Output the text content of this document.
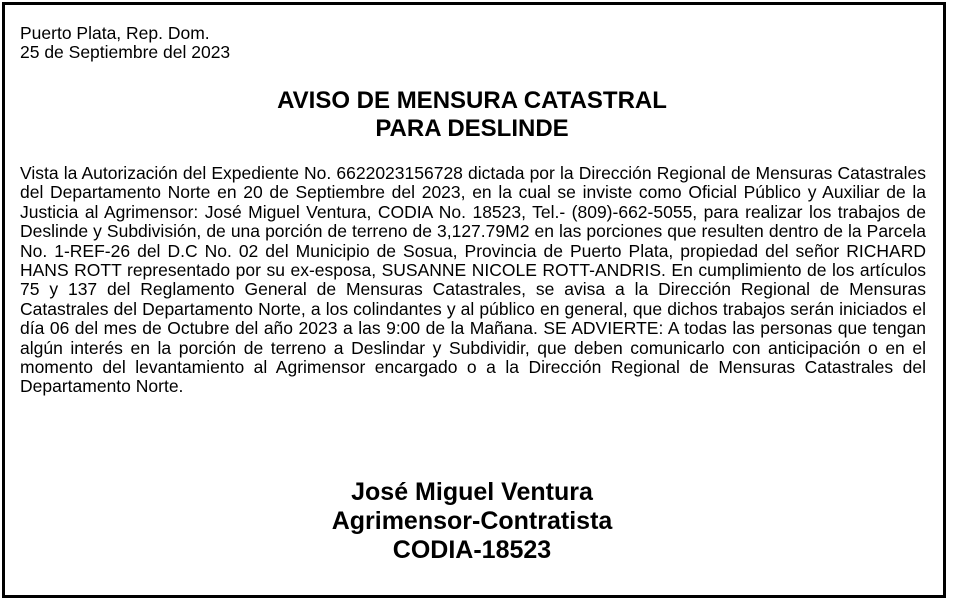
Puerto Plata, Rep. Dom.
25 de Septiembre del 2023
AVISO DE MENSURA CATASTRAL
PARA DESLINDE

Vista la Autorización del Expediente No. 6622023156728 dictada por la Dirección Regional de Mensuras Catastrales del Departamento Norte en 20 de Septiembre del 2023, en la cual se inviste como Oficial Público y Auxiliar de la Justicia al Agrimensor: José Miguel Ventura, CODIA No. 18523, Tel.- (809)-662-5055, para realizar los trabajos de Deslinde y Subdivisión, de una porción de terreno de 3,127.79M2 en las porciones que resulten dentro de la Parcela No. 1-REF-26 del D.C No. 02 del Municipio de Sosua, Provincia de Puerto Plata, propiedad del señor RICHARD HANS ROTT representado por su ex-esposa, SUSANNE NICOLE ROTT-ANDRIS. En cumplimiento de los artículos 75 y 137 del Reglamento General de Mensuras Catastrales, se avisa a la Dirección Regional de Mensuras Catastrales del Departamento Norte, a los colindantes y al público en general, que dichos trabajos serán iniciados el día 06 del mes de Octubre del año 2023 a las 9:00 de la Mañana. SE ADVIERTE: A todas las personas que tengan algún interés en la porción de terreno a Deslindar y Subdividir, que deben comunicarlo con anticipación o en el momento del levantamiento al Agrimensor encargado o a la Dirección Regional de Mensuras Catastrales del Departamento Norte.

José Miguel Ventura
Agrimensor-Contratista
CODIA-18523
